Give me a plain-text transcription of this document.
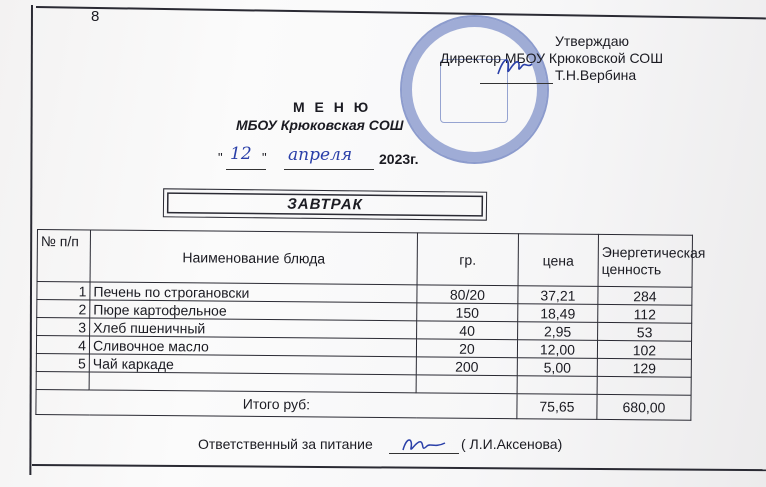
8
Утверждаю
Директор МБОУ Крюковской СОШ
Т.Н.Вербина
М Е Н Ю
МБОУ Крюковская СОШ
" 12 " апреля 2023г.
ЗАВТРАК
№ п/п	Наименование блюда	гр.	цена	Энергетическая ценность
1	Печень по строгановски	80/20	37,21	284
2	Пюре картофельное	150	18,49	112
3	Хлеб пшеничный	40	2,95	53
4	Сливочное масло	20	12,00	102
5	Чай каркаде	200	5,00	129

Итого руб:			75,65	680,00
Ответственный за питание	( Л.И.Аксенова)
